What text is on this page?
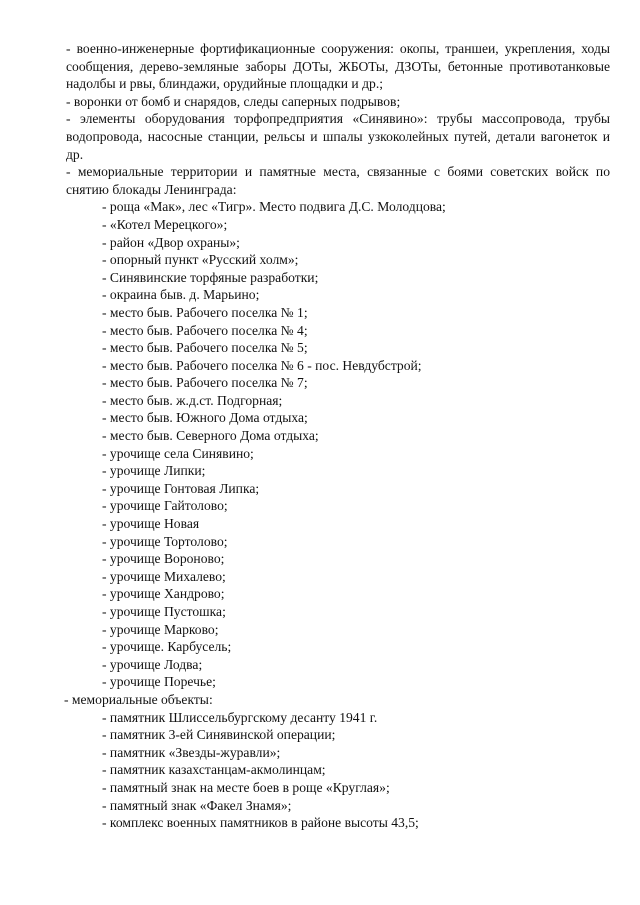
- военно-инженерные фортификационные сооружения: окопы, траншеи, укрепления, ходы сообщения, дерево-земляные заборы ДОТы, ЖБОТы, ДЗОТы, бетонные противотанковые надолбы и рвы, блиндажи, орудийные площадки и др.;

- воронки от бомб и снарядов, следы саперных подрывов;

- элементы оборудования торфопредприятия «Синявино»: трубы массопровода, трубы водопровода, насосные станции, рельсы и шпалы узкоколейных путей, детали вагонеток и др.

- мемориальные территории и памятные места, связанные с боями советских войск по снятию блокады Ленинграда:

- роща «Мак», лес «Тигр». Место подвига Д.С. Молодцова;
- «Котел Мерецкого»;
- район «Двор охраны»;
- опорный пункт «Русский холм»;
- Синявинские торфяные разработки;
- окраина быв. д. Марьино;
- место быв. Рабочего поселка № 1;
- место быв. Рабочего поселка № 4;
- место быв. Рабочего поселка № 5;
- место быв. Рабочего поселка № 6 - пос. Невдубстрой;
- место быв. Рабочего поселка № 7;
- место быв. ж.д.ст. Подгорная;
- место быв. Южного Дома отдыха;
- место быв. Северного Дома отдыха;
- урочище села Синявино;
- урочище Липки;
- урочище Гонтовая Липка;
- урочище Гайтолово;
- урочище Новая
- урочище Тортолово;
- урочище Вороново;
- урочище Михалево;
- урочище Хандрово;
- урочище Пустошка;
- урочище Марково;
- урочище. Карбусель;
- урочище Лодва;
- урочище Поречье;

- мемориальные объекты:

- памятник Шлиссельбургскому десанту 1941 г.
- памятник 3-ей Синявинской операции;
- памятник «Звезды-журавли»;
- памятник казахстанцам-акмолинцам;
- памятный знак на месте боев в роще «Круглая»;
- памятный знак «Факел Знамя»;
- комплекс военных памятников в районе высоты 43,5;
